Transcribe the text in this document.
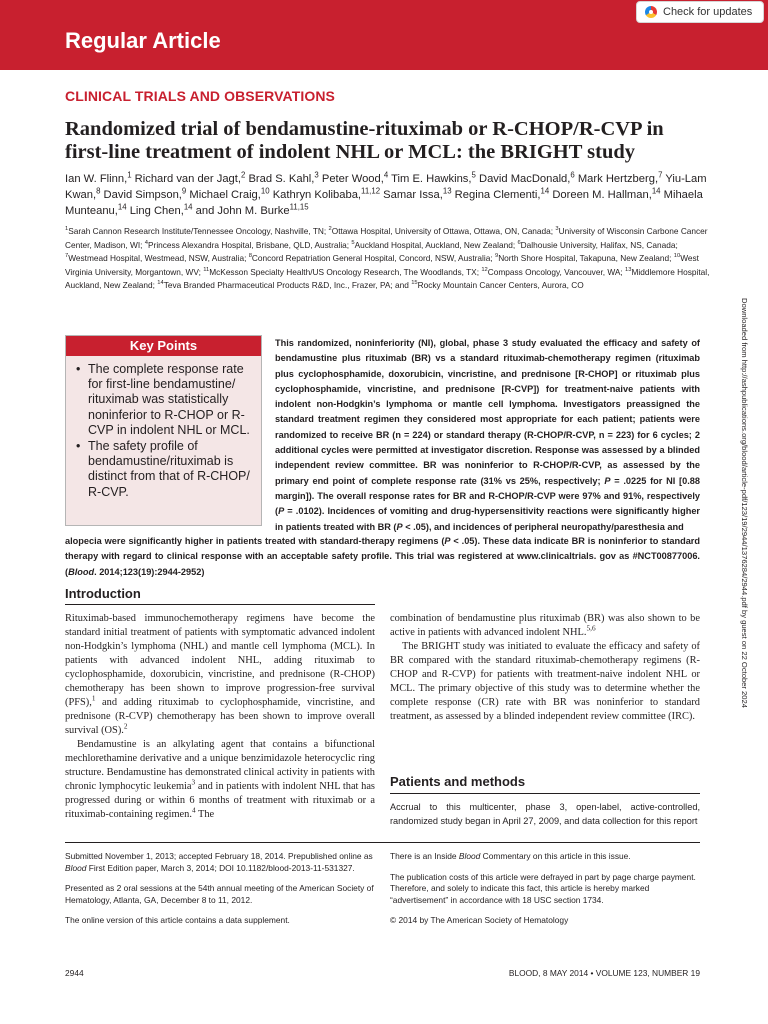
Regular Article
Check for updates
CLINICAL TRIALS AND OBSERVATIONS
Randomized trial of bendamustine-rituximab or R-CHOP/R-CVP in first-line treatment of indolent NHL or MCL: the BRIGHT study
Ian W. Flinn,$^1$ Richard van der Jagt,$^2$ Brad S. Kahl,$^3$ Peter Wood,$^4$ Tim E. Hawkins,$^5$ David MacDonald,$^6$ Mark Hertzberg,$^7$ Yiu-Lam Kwan,$^8$ David Simpson,$^9$ Michael Craig,$^{10}$ Kathryn Kolibaba,$^{11,12}$ Samar Issa,$^{13}$ Regina Clementi,$^{14}$ Doreen M. Hallman,$^{14}$ Mihaela Munteanu,$^{14}$ Ling Chen,$^{14}$ and John M. Burke$^{11,15}$
$^1$Sarah Cannon Research Institute/Tennessee Oncology, Nashville, TN; $^2$Ottawa Hospital, University of Ottawa, Ottawa, ON, Canada; $^3$University of Wisconsin Carbone Cancer Center, Madison, WI; $^4$Princess Alexandra Hospital, Brisbane, QLD, Australia; $^5$Auckland Hospital, Auckland, New Zealand; $^6$Dalhousie University, Halifax, NS, Canada; $^7$Westmead Hospital, Westmead, NSW, Australia; $^8$Concord Repatriation General Hospital, Concord, NSW, Australia; $^9$North Shore Hospital, Takapuna, New Zealand; $^{10}$West Virginia University, Morgantown, WV; $^{11}$McKesson Specialty Health/US Oncology Research, The Woodlands, TX; $^{12}$Compass Oncology, Vancouver, WA; $^{13}$Middlemore Hospital, Auckland, New Zealand; $^{14}$Teva Branded Pharmaceutical Products R&D, Inc., Frazer, PA; and $^{15}$Rocky Mountain Cancer Centers, Aurora, CO
Key Points
• The complete response rate for first-line bendamustine/ rituximab was statistically noninferior to R-CHOP or R-CVP in indolent NHL or MCL.
• The safety profile of bendamustine/rituximab is distinct from that of R-CHOP/ R-CVP.
This randomized, noninferiority (NI), global, phase 3 study evaluated the efficacy and safety of bendamustine plus rituximab (BR) vs a standard rituximab-chemotherapy regimen (rituximab plus cyclophosphamide, doxorubicin, vincristine, and prednisone [R-CHOP] or rituximab plus cyclophosphamide, vincristine, and prednisone [R-CVP]) for treatment-naive patients with indolent non-Hodgkin’s lymphoma or mantle cell lymphoma. Investigators preassigned the standard treatment regimen they considered most appropriate for each patient; patients were randomized to receive BR (n = 224) or standard therapy (R-CHOP/R-CVP, n = 223) for 6 cycles; 2 additional cycles were permitted at investigator discretion. Response was assessed by a blinded independent review committee. BR was noninferior to R-CHOP/R-CVP, as assessed by the primary end point of complete response rate (31% vs 25%, respectively; P = .0225 for NI [0.88 margin]). The overall response rates for BR and R-CHOP/R-CVP were 97% and 91%, respectively (P = .0102). Incidences of vomiting and drug-hypersensitivity reactions were significantly higher in patients treated with BR (P < .05), and incidences of peripheral neuropathy/paresthesia and
alopecia were significantly higher in patients treated with standard-therapy regimens (P < .05). These data indicate BR is noninferior to standard therapy with regard to clinical response with an acceptable safety profile. This trial was registered at www.clinicaltrials. gov as #NCT00877006. (Blood. 2014;123(19):2944-2952)
Introduction

Rituximab-based immunochemotherapy regimens have become the standard initial treatment of patients with symptomatic advanced indolent non-Hodgkin’s lymphoma (NHL) and mantle cell lymphoma (MCL). In patients with advanced indolent NHL, adding rituximab to cyclophosphamide, doxorubicin, vincristine, and prednisone (R-CHOP) chemotherapy has been shown to improve progression-free survival (PFS),$^1$ and adding rituximab to cyclophosphamide, vincristine, and prednisone (R-CVP) chemotherapy has been shown to improve overall survival (OS).$^2$

Bendamustine is an alkylating agent that contains a bifunctional mechlorethamine derivative and a unique benzimidazole heterocyclic ring structure. Bendamustine has demonstrated clinical activity in patients with chronic lymphocytic leukemia$^3$ and in patients with indolent NHL that has progressed during or within 6 months of treatment with rituximab or a rituximab-containing regimen.$^4$ The

combination of bendamustine plus rituximab (BR) was also shown to be active in patients with advanced indolent NHL.$^{5,6}$

The BRIGHT study was initiated to evaluate the efficacy and safety of BR compared with the standard rituximab-chemotherapy regimens (R-CHOP and R-CVP) for patients with treatment-naive indolent NHL or MCL. The primary objective of this study was to determine whether the complete response (CR) rate with BR was noninferior to standard treatment, as assessed by a blinded independent review committee (IRC).

Patients and methods
Accrual to this multicenter, phase 3, open-label, active-controlled, randomized study began in April 27, 2009, and data collection for this report

Submitted November 1, 2013; accepted February 18, 2014. Prepublished online as Blood First Edition paper, March 3, 2014; DOI 10.1182/blood-2013-11-531327.

Presented as 2 oral sessions at the 54th annual meeting of the American Society of Hematology, Atlanta, GA, December 8 to 11, 2012.

The online version of this article contains a data supplement.

There is an Inside Blood Commentary on this article in this issue.

The publication costs of this article were defrayed in part by page charge payment. Therefore, and solely to indicate this fact, this article is hereby marked “advertisement” in accordance with 18 USC section 1734.

© 2014 by The American Society of Hematology

2944	BLOOD, 8 MAY 2014 • VOLUME 123, NUMBER 19
Downloaded from http://ashpublications.org/blood/article-pdf/123/19/2944/1376284/2944.pdf by guest on 22 October 2024
